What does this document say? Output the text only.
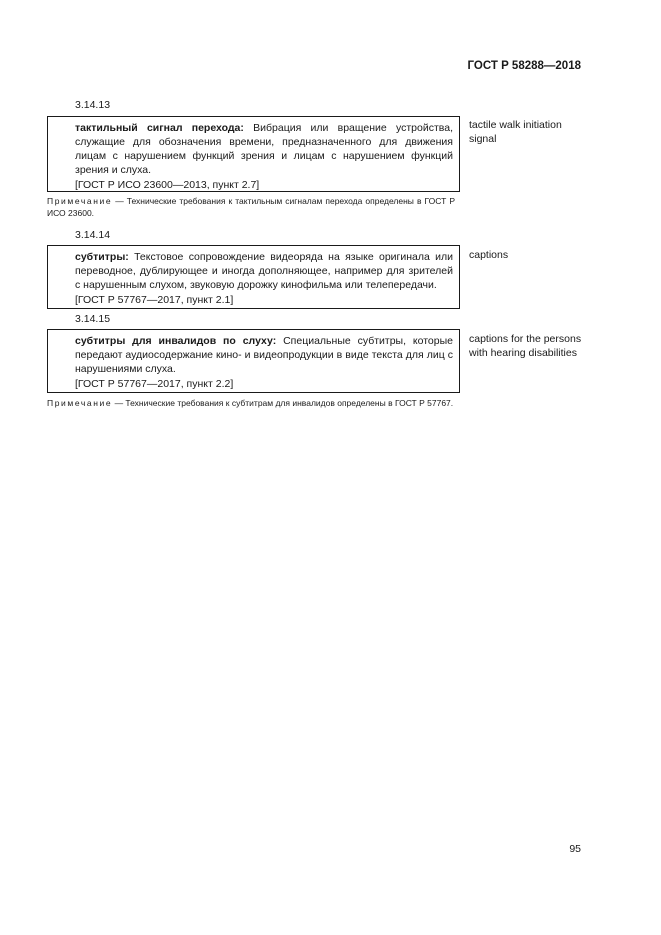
ГОСТ Р 58288—2018
3.14.13
тактильный сигнал перехода: Вибрация или вращение устройства, служащие для обозначения времени, предназначенного для движения лицам с нарушением функций зрения и лицам с нарушением функций зрения и слуха.
[ГОСТ Р ИСО 23600—2013, пункт 2.7]
tactile walk initiation signal
Примечание — Технические требования к тактильным сигналам перехода определены в ГОСТ Р ИСО 23600.
3.14.14
субтитры: Текстовое сопровождение видеоряда на языке оригинала или переводное, дублирующее и иногда дополняющее, например для зрителей с нарушенным слухом, звуковую дорожку кинофильма или телепередачи.
[ГОСТ Р 57767—2017, пункт 2.1]
captions
3.14.15
субтитры для инвалидов по слуху: Специальные субтитры, которые передают аудиосодержание кино- и видеопродукции в виде текста для лиц с нарушениями слуха.
[ГОСТ Р 57767—2017, пункт 2.2]
captions for the persons with hearing disabilities
Примечание — Технические требования к субтитрам для инвалидов определены в ГОСТ Р 57767.
95
